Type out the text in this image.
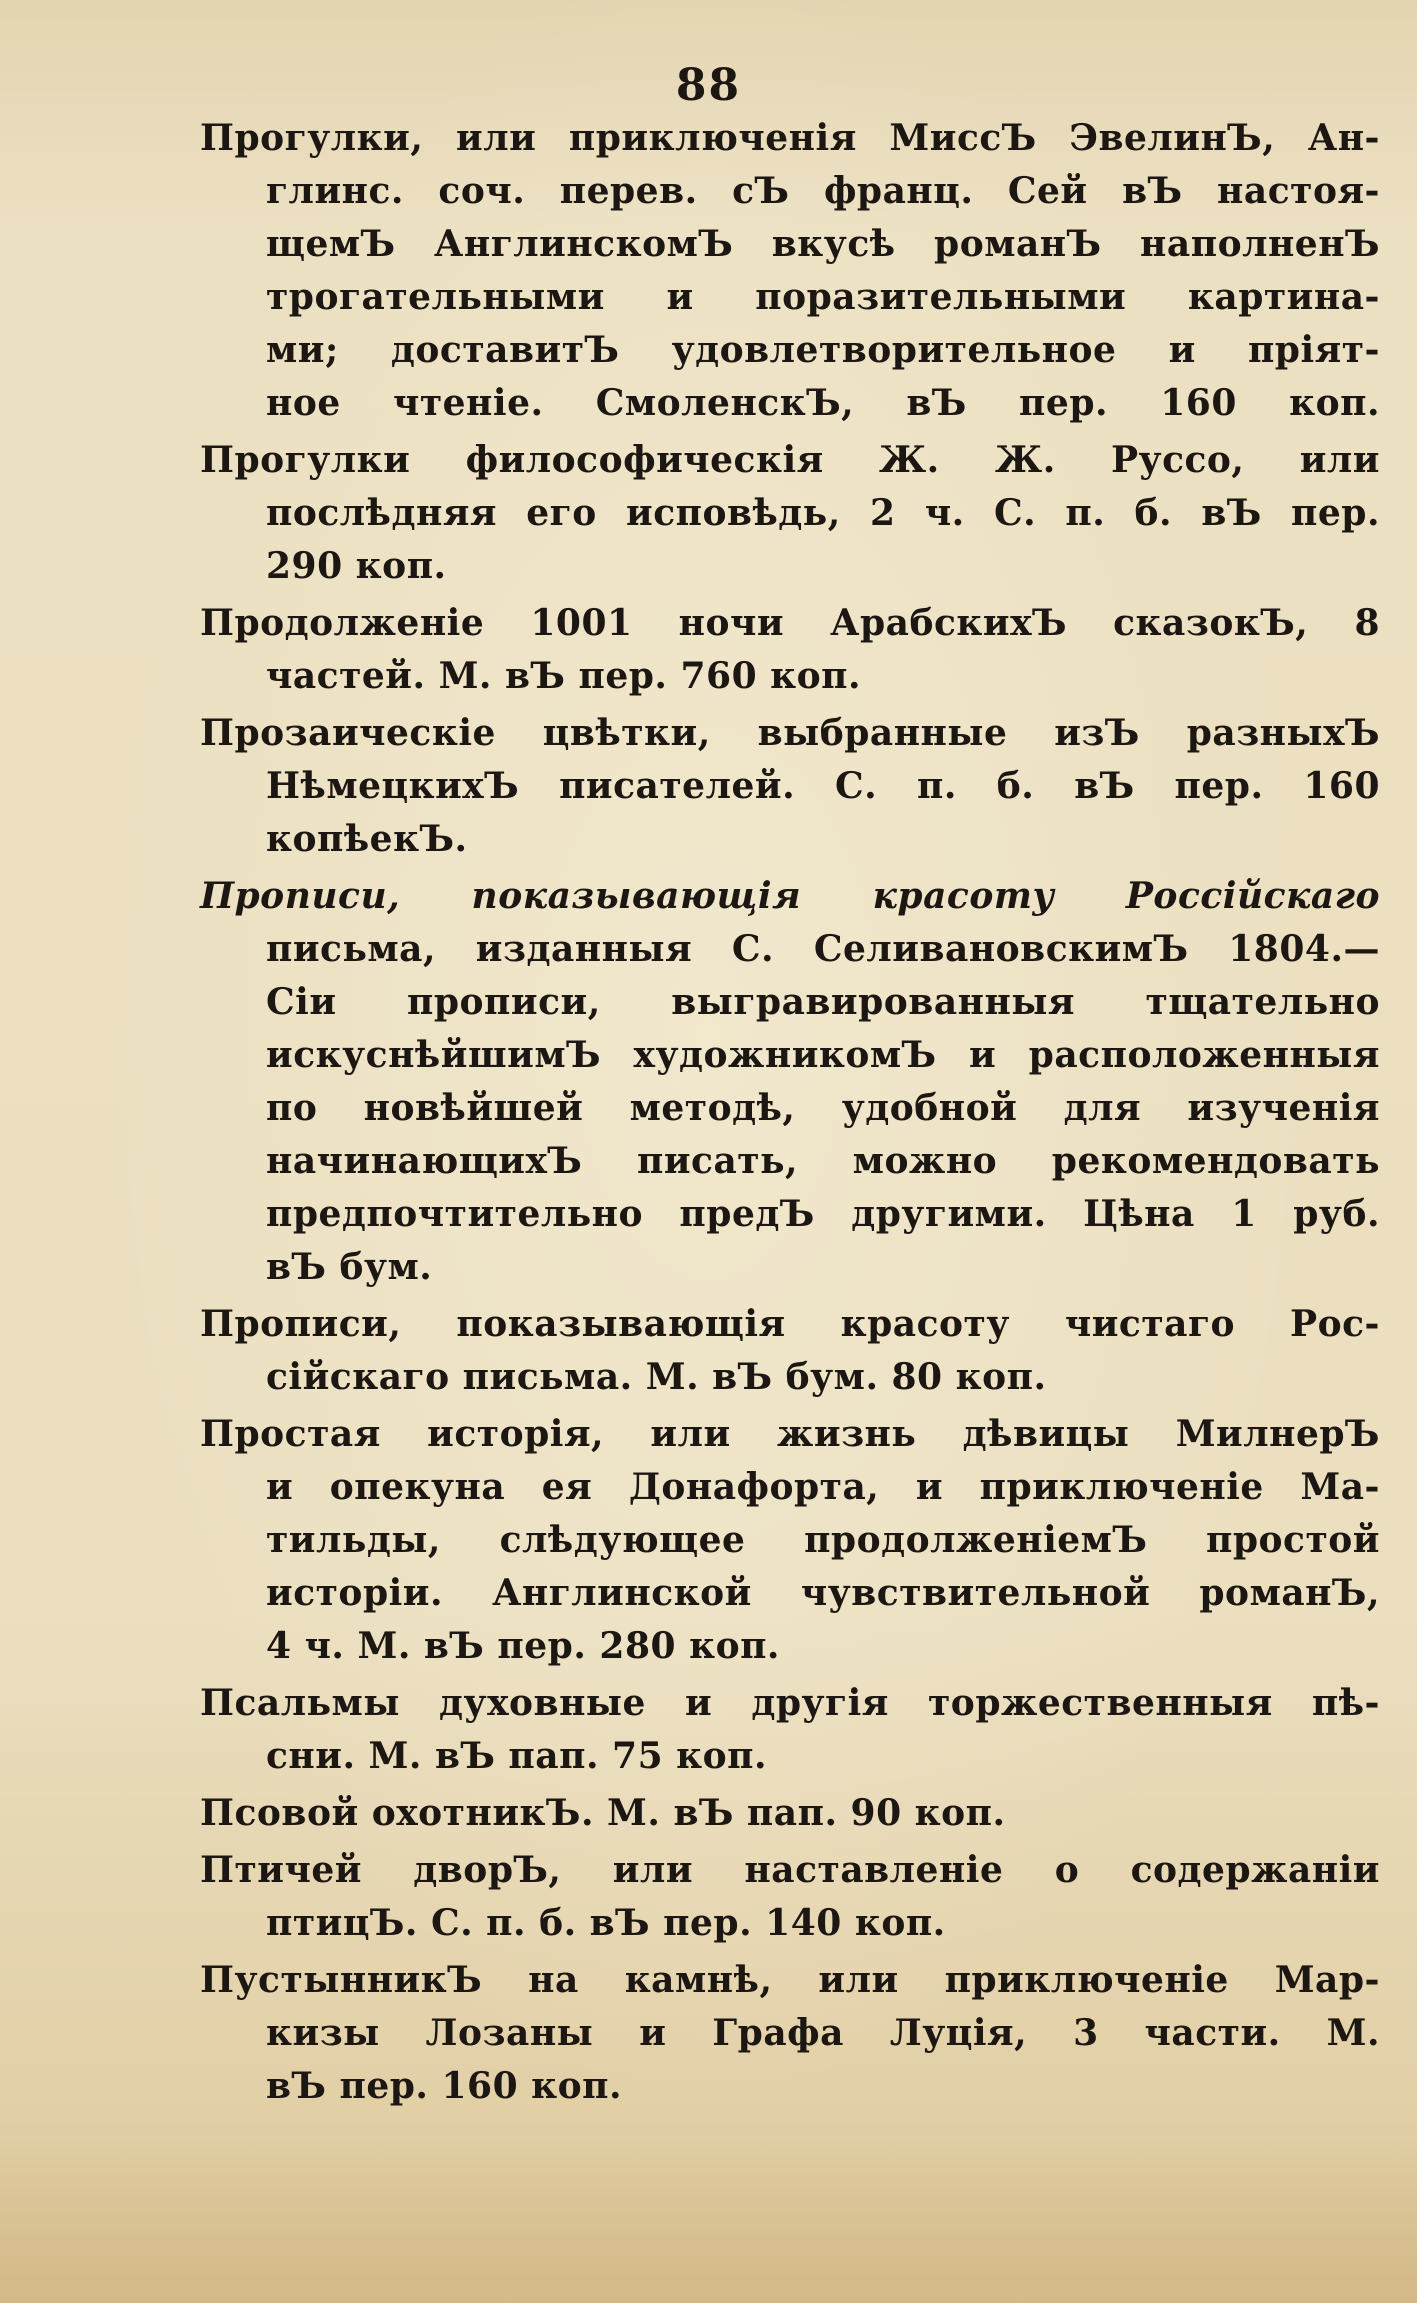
88
Прогулки, или приключенія МиссЪ ЭвелинЪ, Ан-
глинс. соч. перев. сЪ франц. Сей вЪ настоя-
щемЪ АнглинскомЪ вкусѣ романЪ наполненЪ
трогательными и поразительными картина-
ми; доставитЪ удовлетворительное и пріят-
ное чтеніе. СмоленскЪ, вЪ пер. 160 коп.
Прогулки философическія Ж. Ж. Руссо, или
послѣдняя его исповѣдь, 2 ч. С. п. б. вЪ пер.
290 коп.
Продолженіе 1001 ночи АрабскихЪ сказокЪ, 8
частей. М. вЪ пер. 760 коп.
Прозаическіе цвѣтки, выбранные изЪ разныхЪ
НѣмецкихЪ писателей. С. п. б. вЪ пер. 160
копѣекЪ.
Прописи, показывающія красоту Россійскаго
письма, изданныя С. СеливановскимЪ 1804.—
Сіи прописи, выгравированныя тщательно
искуснѣйшимЪ художникомЪ и расположенныя
по новѣйшей методѣ, удобной для изученія
начинающихЪ писать, можно рекомендовать
предпочтительно предЪ другими. Цѣна 1 руб.
вЪ бум.
Прописи, показывающія красоту чистаго Рос-
сійскаго письма. М. вЪ бум. 80 коп.
Простая исторія, или жизнь дѣвицы МилнерЪ
и опекуна ея Донафорта, и приключеніе Ма-
тильды, слѣдующее продолженіемЪ простой
исторіи. Англинской чувствительной романЪ,
4 ч. М. вЪ пер. 280 коп.
Псальмы духовные и другія торжественныя пѣ-
сни. М. вЪ пап. 75 коп.
Псовой охотникЪ. М. вЪ пап. 90 коп.
Птичей дворЪ, или наставленіе о содержаніи
птицЪ. С. п. б. вЪ пер. 140 коп.
ПустынникЪ на камнѣ, или приключеніе Мар-
кизы Лозаны и Графа Луція, 3 части. М.
вЪ пер. 160 коп.
